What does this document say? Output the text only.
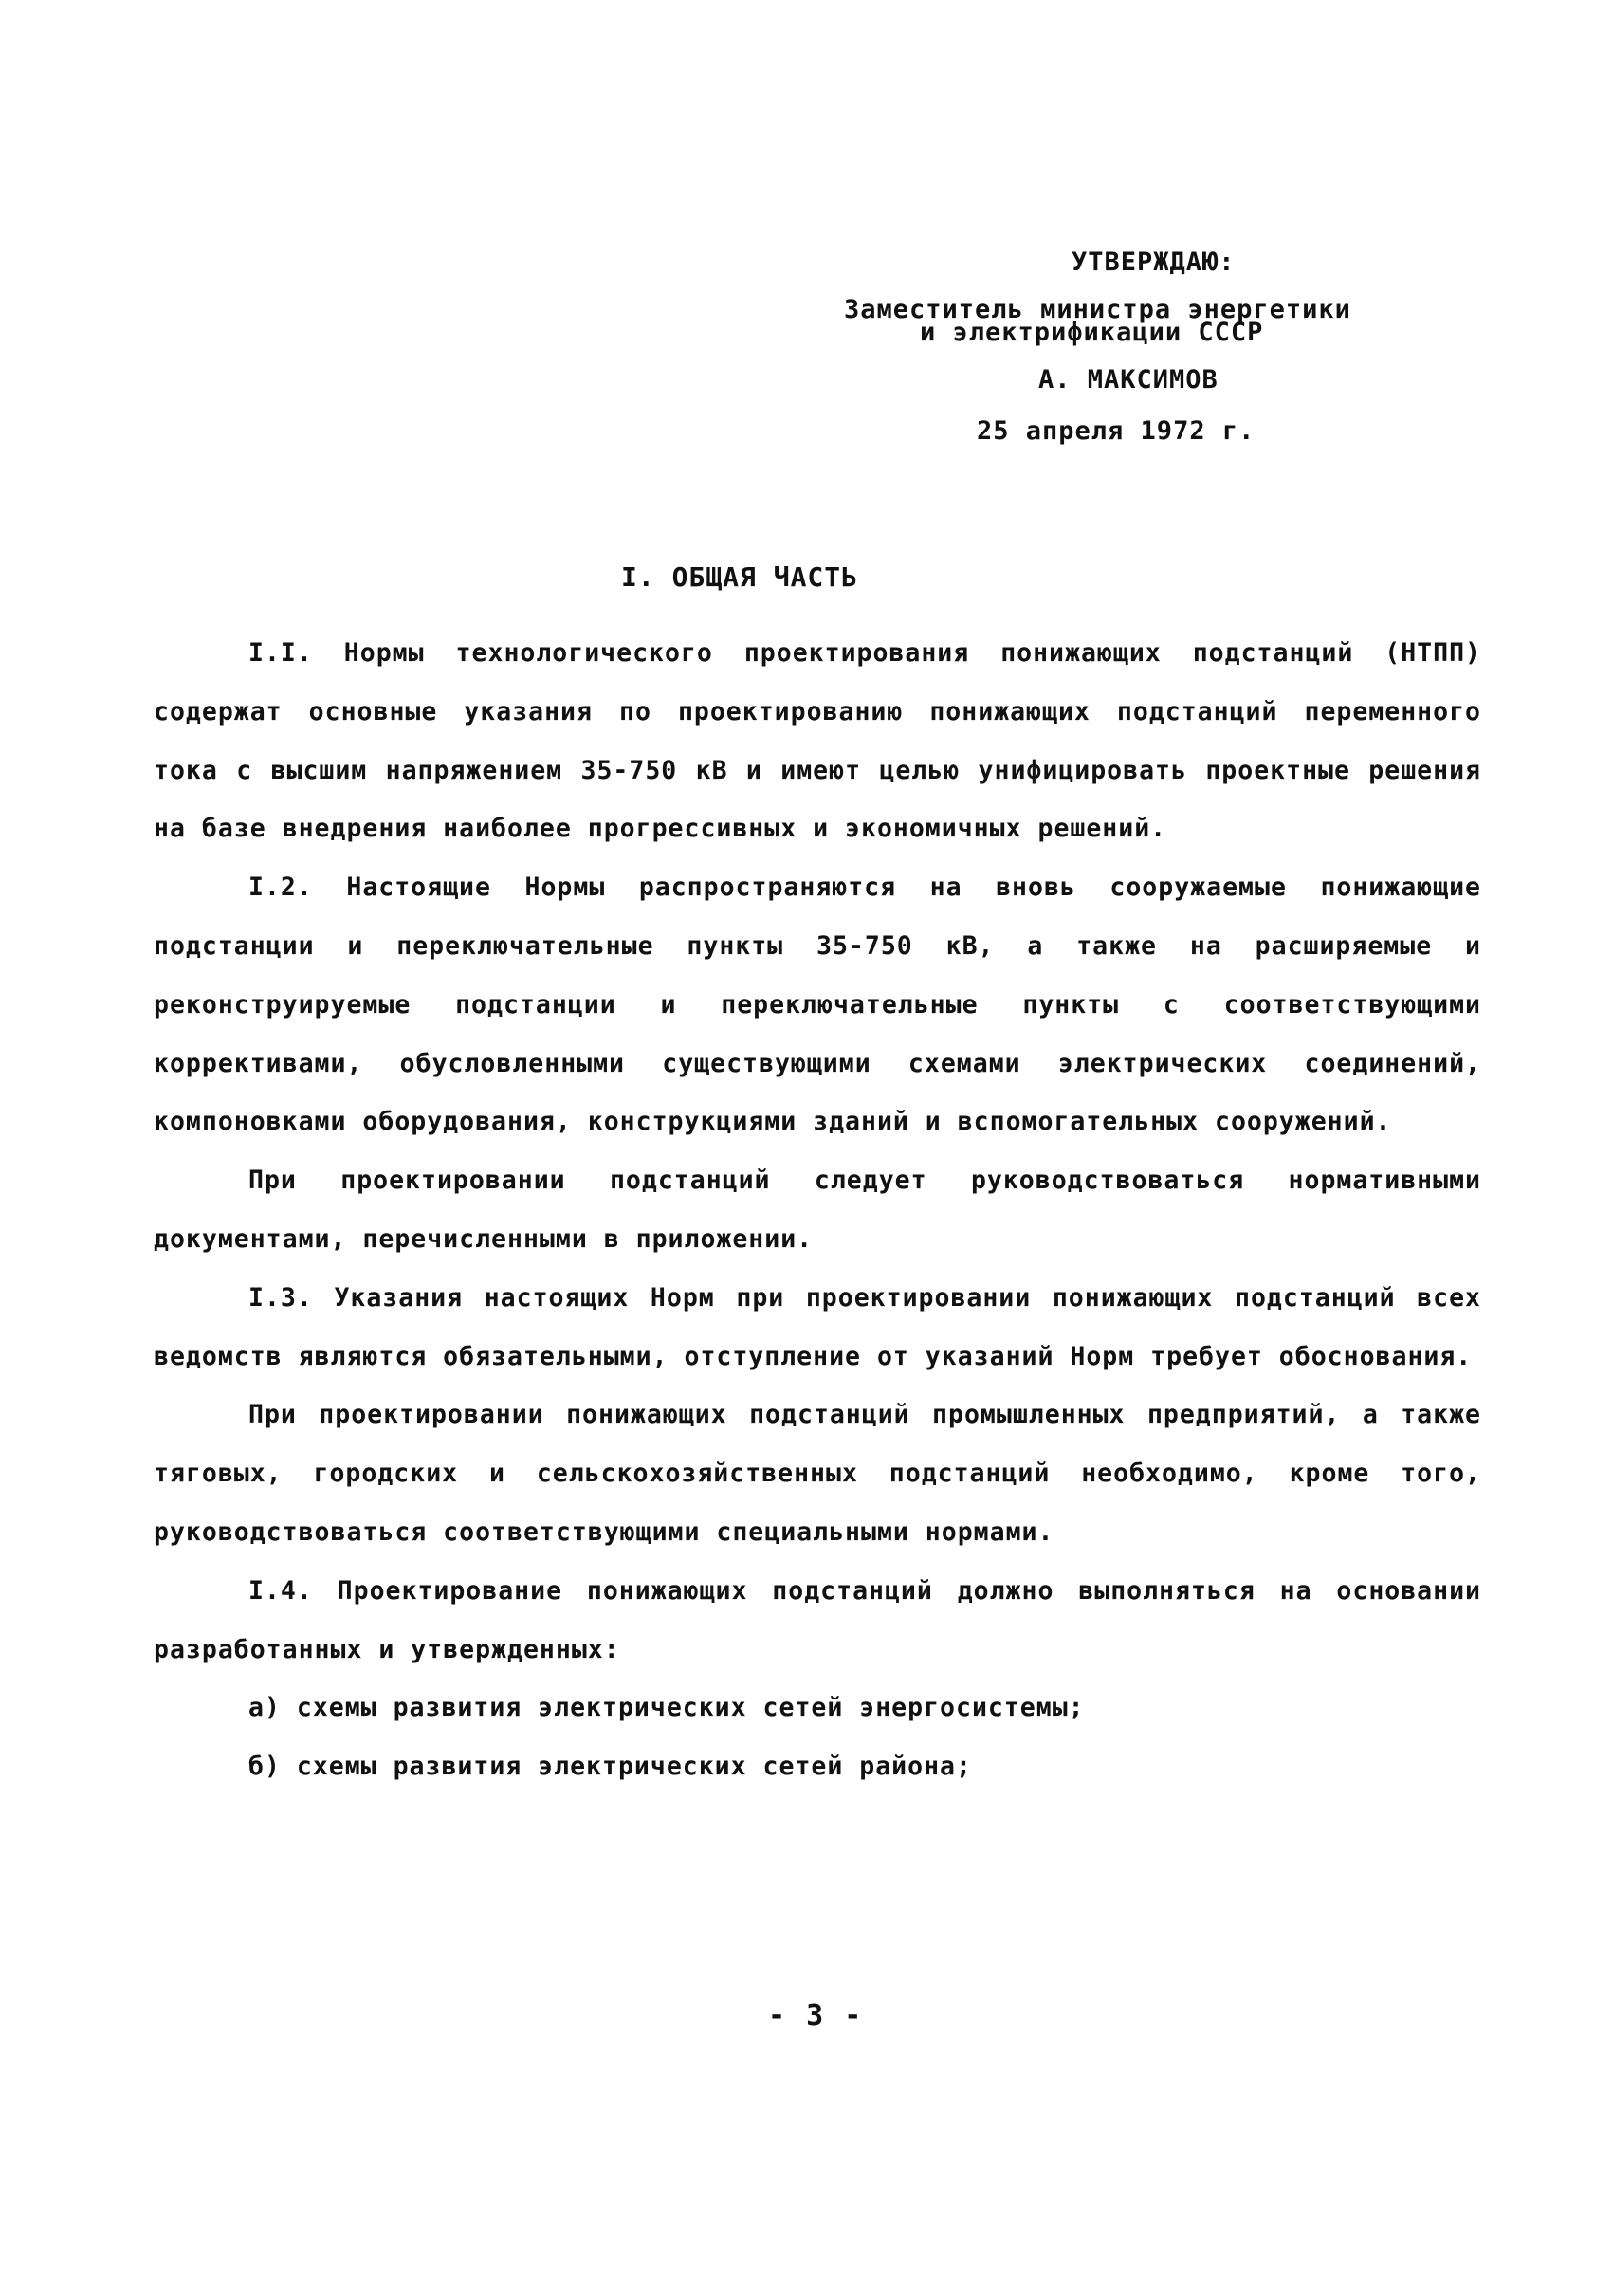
УТВЕРЖДАЮ:
Заместитель министра энергетики
и электрификации СССР
А. МАКСИМОВ
25 апреля 1972 г.
I. ОБЩАЯ ЧАСТЬ

I.I. Нормы технологического проектирования понижающих подстанций (НТПП) содержат основные указания по проектированию понижающих подстанций переменного тока с высшим напряжением 35-750 кВ и имеют целью унифицировать проектные решения на базе внедрения наиболее прогрессивных и экономичных решений.

I.2. Настоящие Нормы распространяются на вновь сооружаемые понижающие подстанции и переключательные пункты 35-750 кВ, а также на расширяемые и реконструируемые подстанции и переключательные пункты с соответствующими коррективами, обусловленными существующими схемами электрических соединений, компоновками оборудования, конструкциями зданий и вспомогательных сооружений.

При проектировании подстанций следует руководствоваться нормативными документами, перечисленными в приложении.

I.3. Указания настоящих Норм при проектировании понижающих подстанций всех ведомств являются обязательными, отступление от указаний Норм требует обоснования.

При проектировании понижающих подстанций промышленных предприятий, а также тяговых, городских и сельскохозяйственных подстанций необходимо, кроме того, руководствоваться соответствующими специальными нормами.

I.4. Проектирование понижающих подстанций должно выполняться на основании разработанных и утвержденных:

а) схемы развития электрических сетей энергосистемы;

б) схемы развития электрических сетей района;

- 3 -
